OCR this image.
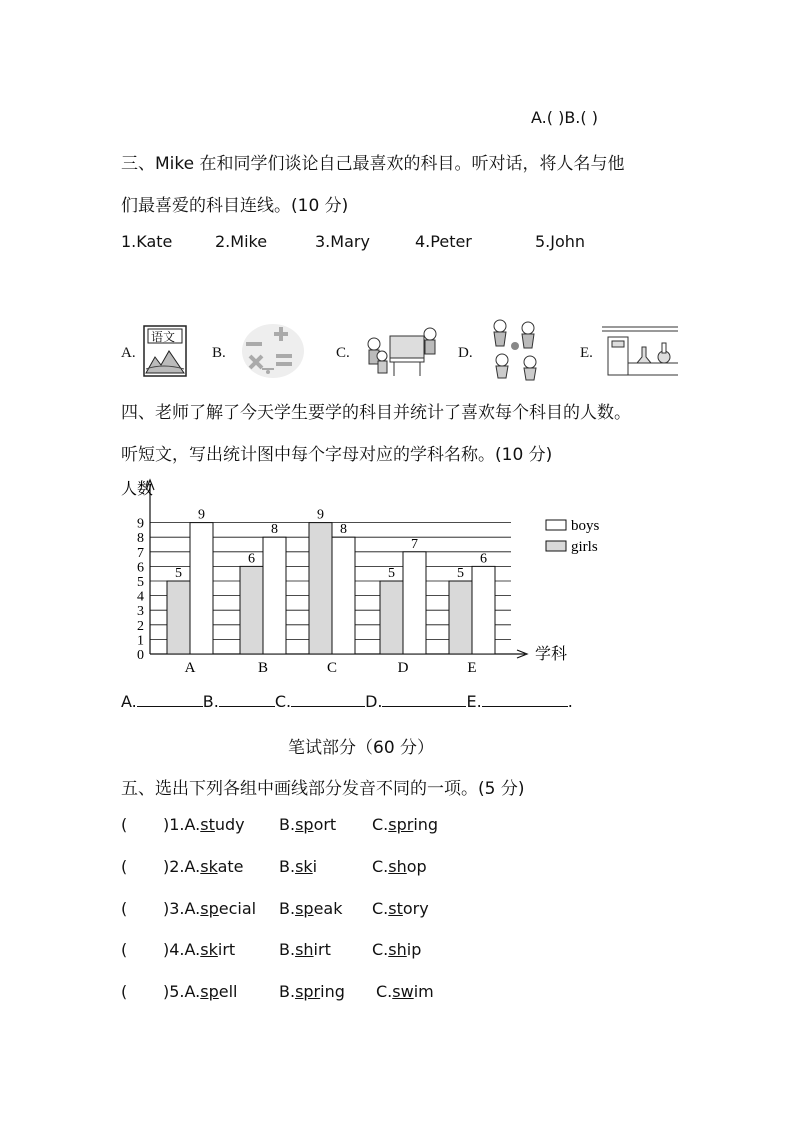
A.( )B.( )
三、Mike 在和同学们谈论自己最喜欢的科目。听对话，将人名与他
们最喜爱的科目连线。(10 分)
1.Kate	2.Mike	3.Mary	4.Peter	5.John
A.
语文
B.	C.	D.	E.
四、老师了解了今天学生要学的科目并统计了喜欢每个科目的人数。
听短文，写出统计图中每个字母对应的学科名称。(10 分)
0
1
2
3
4
5
6
7
8
9
人数
学科
5
9
A
6
8
B
9
8
C
5
7
D
5
6
E
boys
girls
A.	B.	C.	D.	E.	.
笔试部分（60 分）
五、选出下列各组中画线部分发音不同的一项。(5 分)
( )1.A.study B.sport C.spring
( )2.A.skate B.ski	C.shop
( )3.A.special B.speak C.story
( )4.A.skirt	B.shirt	C.ship
( )5.A.spell	B.spring C.swim
